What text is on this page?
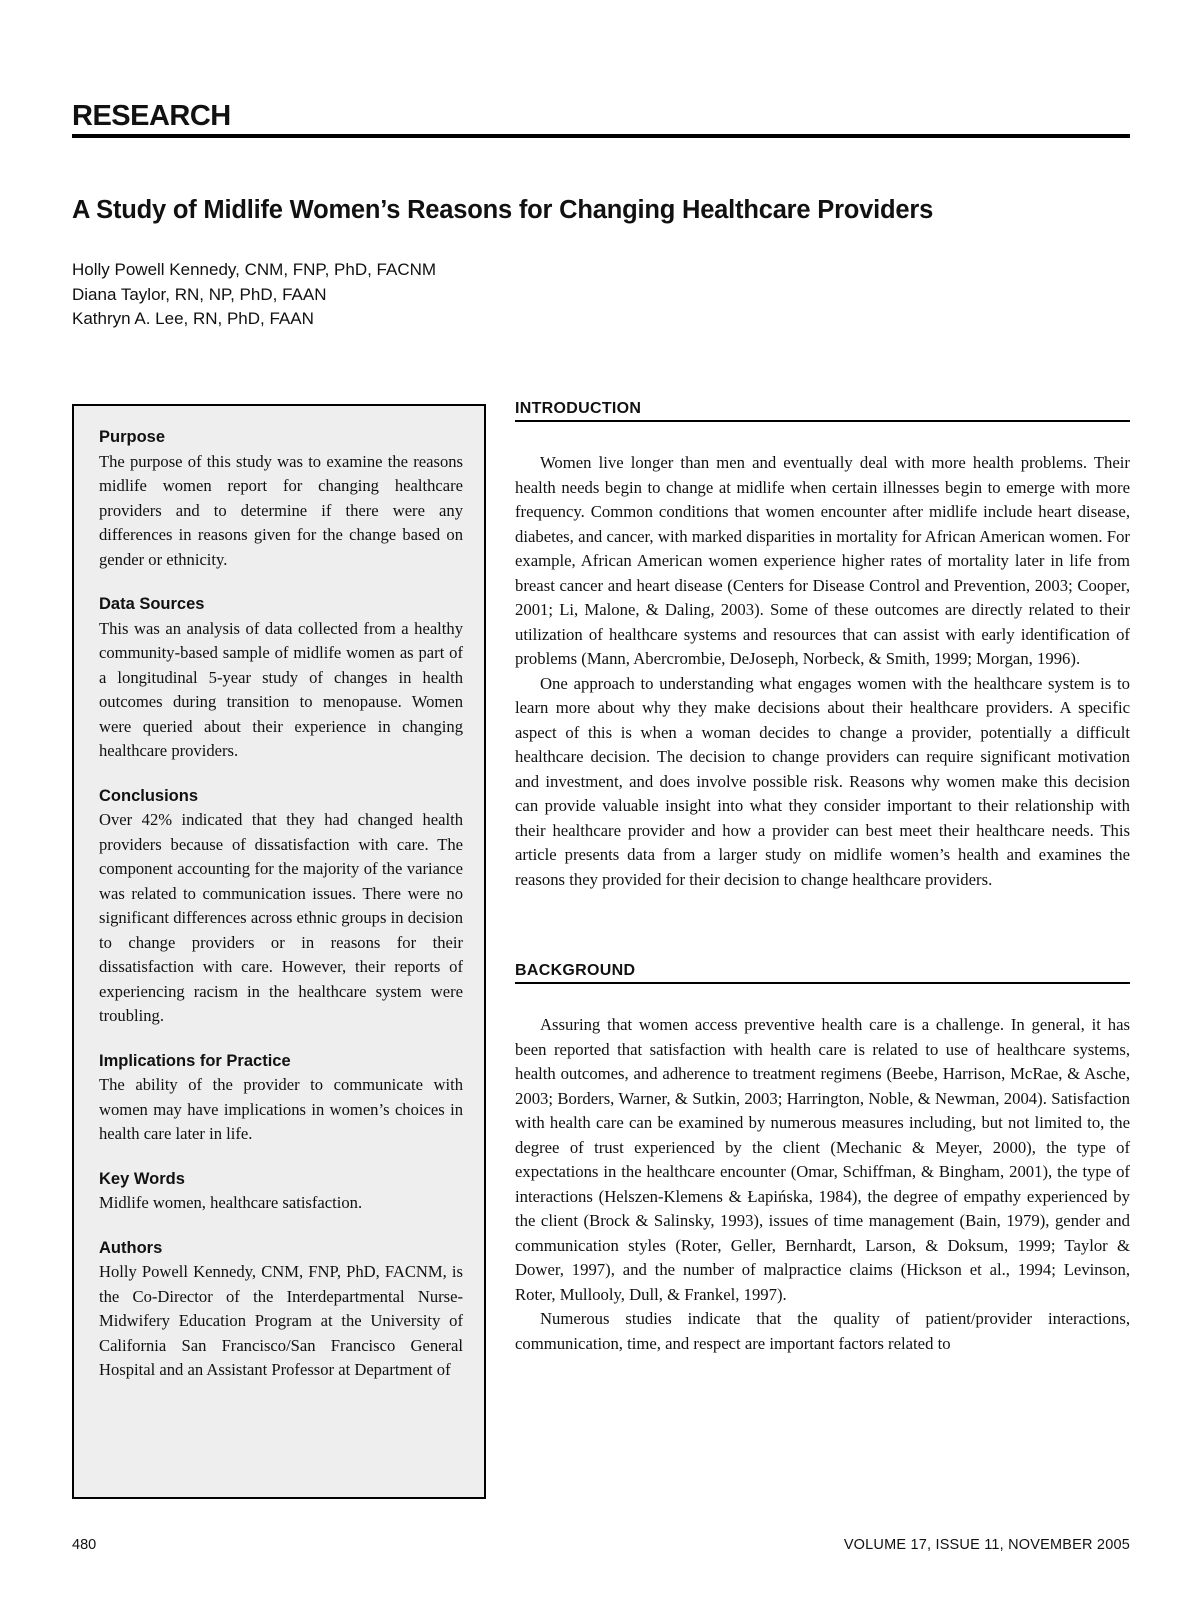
RESEARCH
A Study of Midlife Women’s Reasons for Changing Healthcare Providers
Holly Powell Kennedy, CNM, FNP, PhD, FACNM
Diana Taylor, RN, NP, PhD, FAAN
Kathryn A. Lee, RN, PhD, FAAN
Purpose

The purpose of this study was to examine the reasons midlife women report for changing healthcare providers and to determine if there were any differences in reasons given for the change based on gender or ethnicity.

Data Sources

This was an analysis of data collected from a healthy community-based sample of midlife women as part of a longitudinal 5-year study of changes in health outcomes during transition to menopause. Women were queried about their experience in changing healthcare providers.

Conclusions

Over 42% indicated that they had changed health providers because of dissatisfaction with care. The component accounting for the majority of the variance was related to communication issues. There were no significant differences across ethnic groups in decision to change providers or in reasons for their dissatisfaction with care. However, their reports of experiencing racism in the healthcare system were troubling.

Implications for Practice

The ability of the provider to communicate with women may have implications in women’s choices in health care later in life.

Key Words

Midlife women, healthcare satisfaction.

Authors

Holly Powell Kennedy, CNM, FNP, PhD, FACNM, is the Co-Director of the Interdepartmental Nurse-Midwifery Education Program at the University of California San Francisco/San Francisco General Hospital and an Assistant Professor at Department of

INTRODUCTION

Women live longer than men and eventually deal with more health problems. Their health needs begin to change at midlife when certain illnesses begin to emerge with more frequency. Common conditions that women encounter after midlife include heart disease, diabetes, and cancer, with marked disparities in mortality for African American women. For example, African American women experience higher rates of mortality later in life from breast cancer and heart disease (Centers for Disease Control and Prevention, 2003; Cooper, 2001; Li, Malone, & Daling, 2003). Some of these outcomes are directly related to their utilization of healthcare systems and resources that can assist with early identification of problems (Mann, Abercrombie, DeJoseph, Norbeck, & Smith, 1999; Morgan, 1996).

One approach to understanding what engages women with the healthcare system is to learn more about why they make decisions about their healthcare providers. A specific aspect of this is when a woman decides to change a provider, potentially a difficult healthcare decision. The decision to change providers can require significant motivation and investment, and does involve possible risk. Reasons why women make this decision can provide valuable insight into what they consider important to their relationship with their healthcare provider and how a provider can best meet their healthcare needs. This article presents data from a larger study on midlife women’s health and examines the reasons they provided for their decision to change healthcare providers.

BACKGROUND

Assuring that women access preventive health care is a challenge. In general, it has been reported that satisfaction with health care is related to use of healthcare systems, health outcomes, and adherence to treatment regimens (Beebe, Harrison, McRae, & Asche, 2003; Borders, Warner, & Sutkin, 2003; Harrington, Noble, & Newman, 2004). Satisfaction with health care can be examined by numerous measures including, but not limited to, the degree of trust experienced by the client (Mechanic & Meyer, 2000), the type of expectations in the healthcare encounter (Omar, Schiffman, & Bingham, 2001), the type of interactions (Helszen-Klemens & Łapińska, 1984), the degree of empathy experienced by the client (Brock & Salinsky, 1993), issues of time management (Bain, 1979), gender and communication styles (Roter, Geller, Bernhardt, Larson, & Doksum, 1999; Taylor & Dower, 1997), and the number of malpractice claims (Hickson et al., 1994; Levinson, Roter, Mullooly, Dull, & Frankel, 1997).

Numerous studies indicate that the quality of patient/provider interactions, communication, time, and respect are important factors related to

480	VOLUME 17, ISSUE 11, NOVEMBER 2005
